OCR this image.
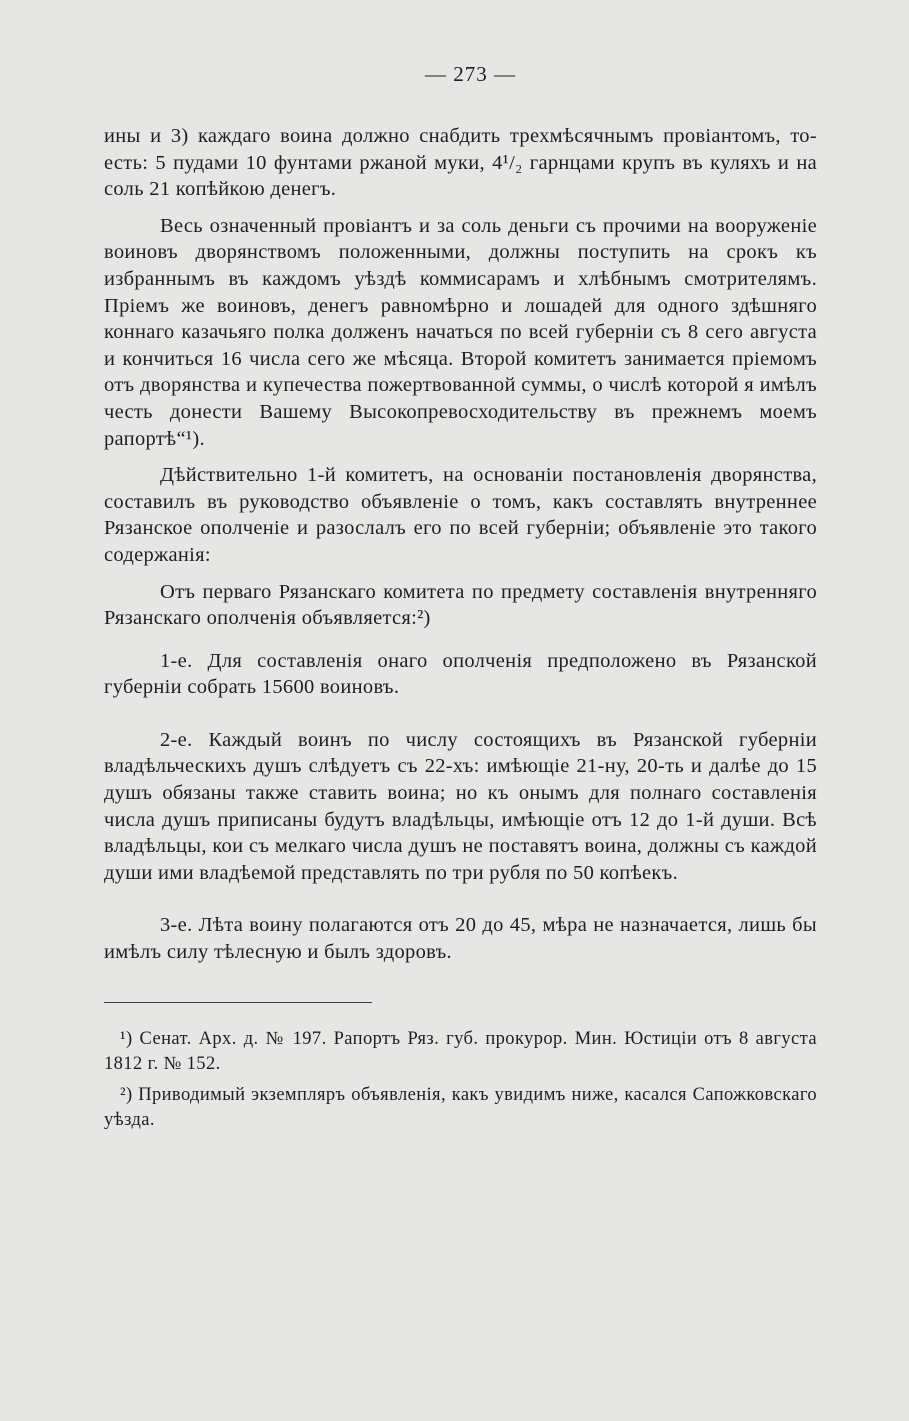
— 273 —

ины и 3) каждаго воина должно снабдить трехмѣсячнымъ провіантомъ, то-есть: 5 пудами 10 фунтами ржаной муки, 4¹/₂ гарнцами крупъ въ куляхъ и на соль 21 копѣйкою денегъ.

Весь означенный провіантъ и за соль деньги съ прочими на вооруженіе воиновъ дворянствомъ положенными, должны поступить на срокъ къ избраннымъ въ каждомъ уѣздѣ коммисарамъ и хлѣбнымъ смотрителямъ. Пріемъ же воиновъ, денегъ равномѣрно и лошадей для одного здѣшняго коннаго казачьяго полка долженъ начаться по всей губерніи съ 8 сего августа и кончиться 16 числа сего же мѣсяца. Второй комитетъ занимается пріемомъ отъ дворянства и купечества пожертвованной суммы, о числѣ которой я имѣлъ честь донести Вашему Высокопревосходительству въ прежнемъ моемъ рапортѣ“¹).

Дѣйствительно 1-й комитетъ, на основаніи постановленія дворянства, составилъ въ руководство объявленіе о томъ, какъ составлять внутреннее Рязанское ополченіе и разослалъ его по всей губерніи; объявленіе это такого содержанія:

Отъ перваго Рязанскаго комитета по предмету составленія внутренняго Рязанскаго ополченія объявляется:²)

1-е. Для составленія онаго ополченія предположено въ Рязанской губерніи собрать 15600 воиновъ.

2-е. Каждый воинъ по числу состоящихъ въ Рязанской губерніи владѣльческихъ душъ слѣдуетъ съ 22-хъ: имѣющіе 21-ну, 20-ть и далѣе до 15 душъ обязаны также ставить воина; но къ онымъ для полнаго составленія числа душъ приписаны будутъ владѣльцы, имѣющіе отъ 12 до 1-й души. Всѣ владѣльцы, кои съ мелкаго числа душъ не поставятъ воина, должны съ каждой души ими владѣемой представлять по три рубля по 50 копѣекъ.

3-е. Лѣта воину полагаются отъ 20 до 45, мѣра не назначается, лишь бы имѣлъ силу тѣлесную и былъ здоровъ.

¹) Сенат. Арх. д. № 197. Рапортъ Ряз. губ. прокурор. Мин. Юстиціи отъ 8 августа 1812 г. № 152.

²) Приводимый экземпляръ объявленія, какъ увидимъ ниже, касался Сапожковскаго уѣзда.
